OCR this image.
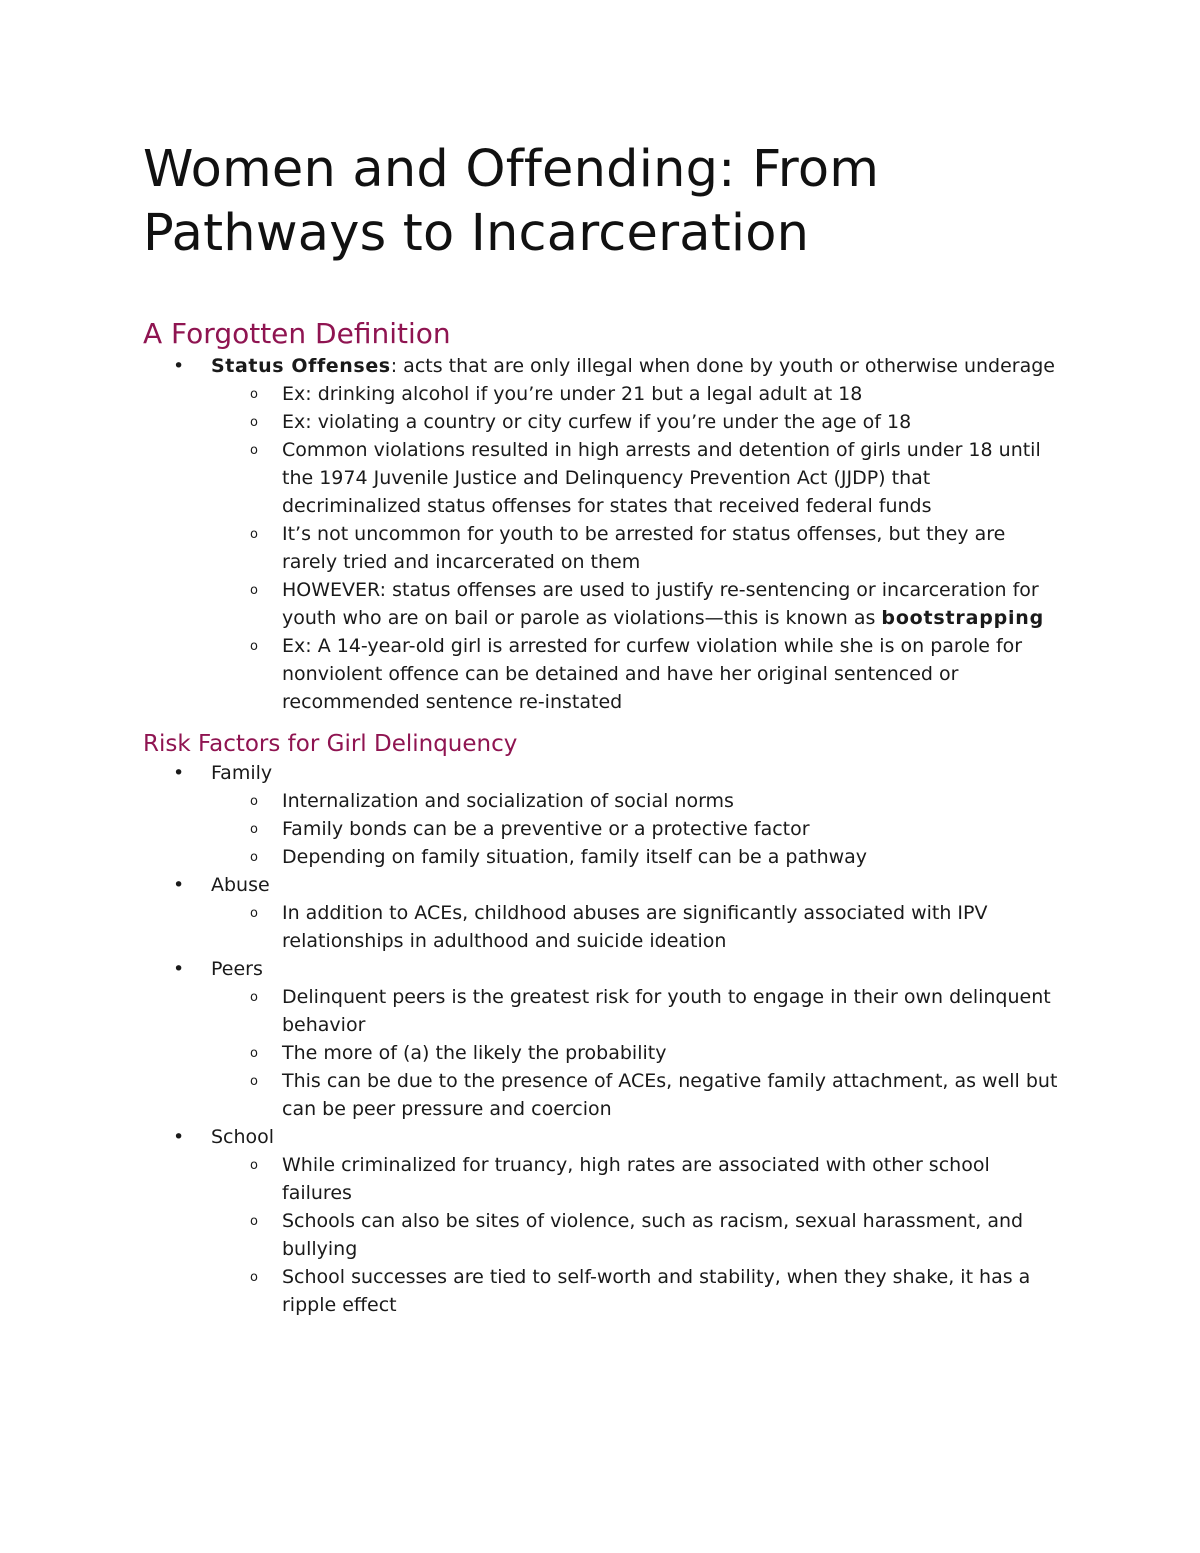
Women and Offending: From Pathways to Incarceration
A Forgotten Definition
• Status Offenses: acts that are only illegal when done by youth or otherwise underage
o Ex: drinking alcohol if you’re under 21 but a legal adult at 18
o Ex: violating a country or city curfew if you’re under the age of 18
o Common violations resulted in high arrests and detention of girls under 18 until the 1974 Juvenile Justice and Delinquency Prevention Act (JJDP) that decriminalized status offenses for states that received federal funds
o It’s not uncommon for youth to be arrested for status offenses, but they are rarely tried and incarcerated on them
o HOWEVER: status offenses are used to justify re-sentencing or incarceration for youth who are on bail or parole as violations—this is known as bootstrapping
o Ex: A 14-year-old girl is arrested for curfew violation while she is on parole for nonviolent offence can be detained and have her original sentenced or recommended sentence re-instated
Risk Factors for Girl Delinquency
• Family
o Internalization and socialization of social norms
o Family bonds can be a preventive or a protective factor
o Depending on family situation, family itself can be a pathway
• Abuse
o In addition to ACEs, childhood abuses are significantly associated with IPV relationships in adulthood and suicide ideation
• Peers
o Delinquent peers is the greatest risk for youth to engage in their own delinquent behavior
o The more of (a) the likely the probability
o This can be due to the presence of ACEs, negative family attachment, as well but can be peer pressure and coercion
• School
o While criminalized for truancy, high rates are associated with other school failures
o Schools can also be sites of violence, such as racism, sexual harassment, and bullying
o School successes are tied to self-worth and stability, when they shake, it has a ripple effect
